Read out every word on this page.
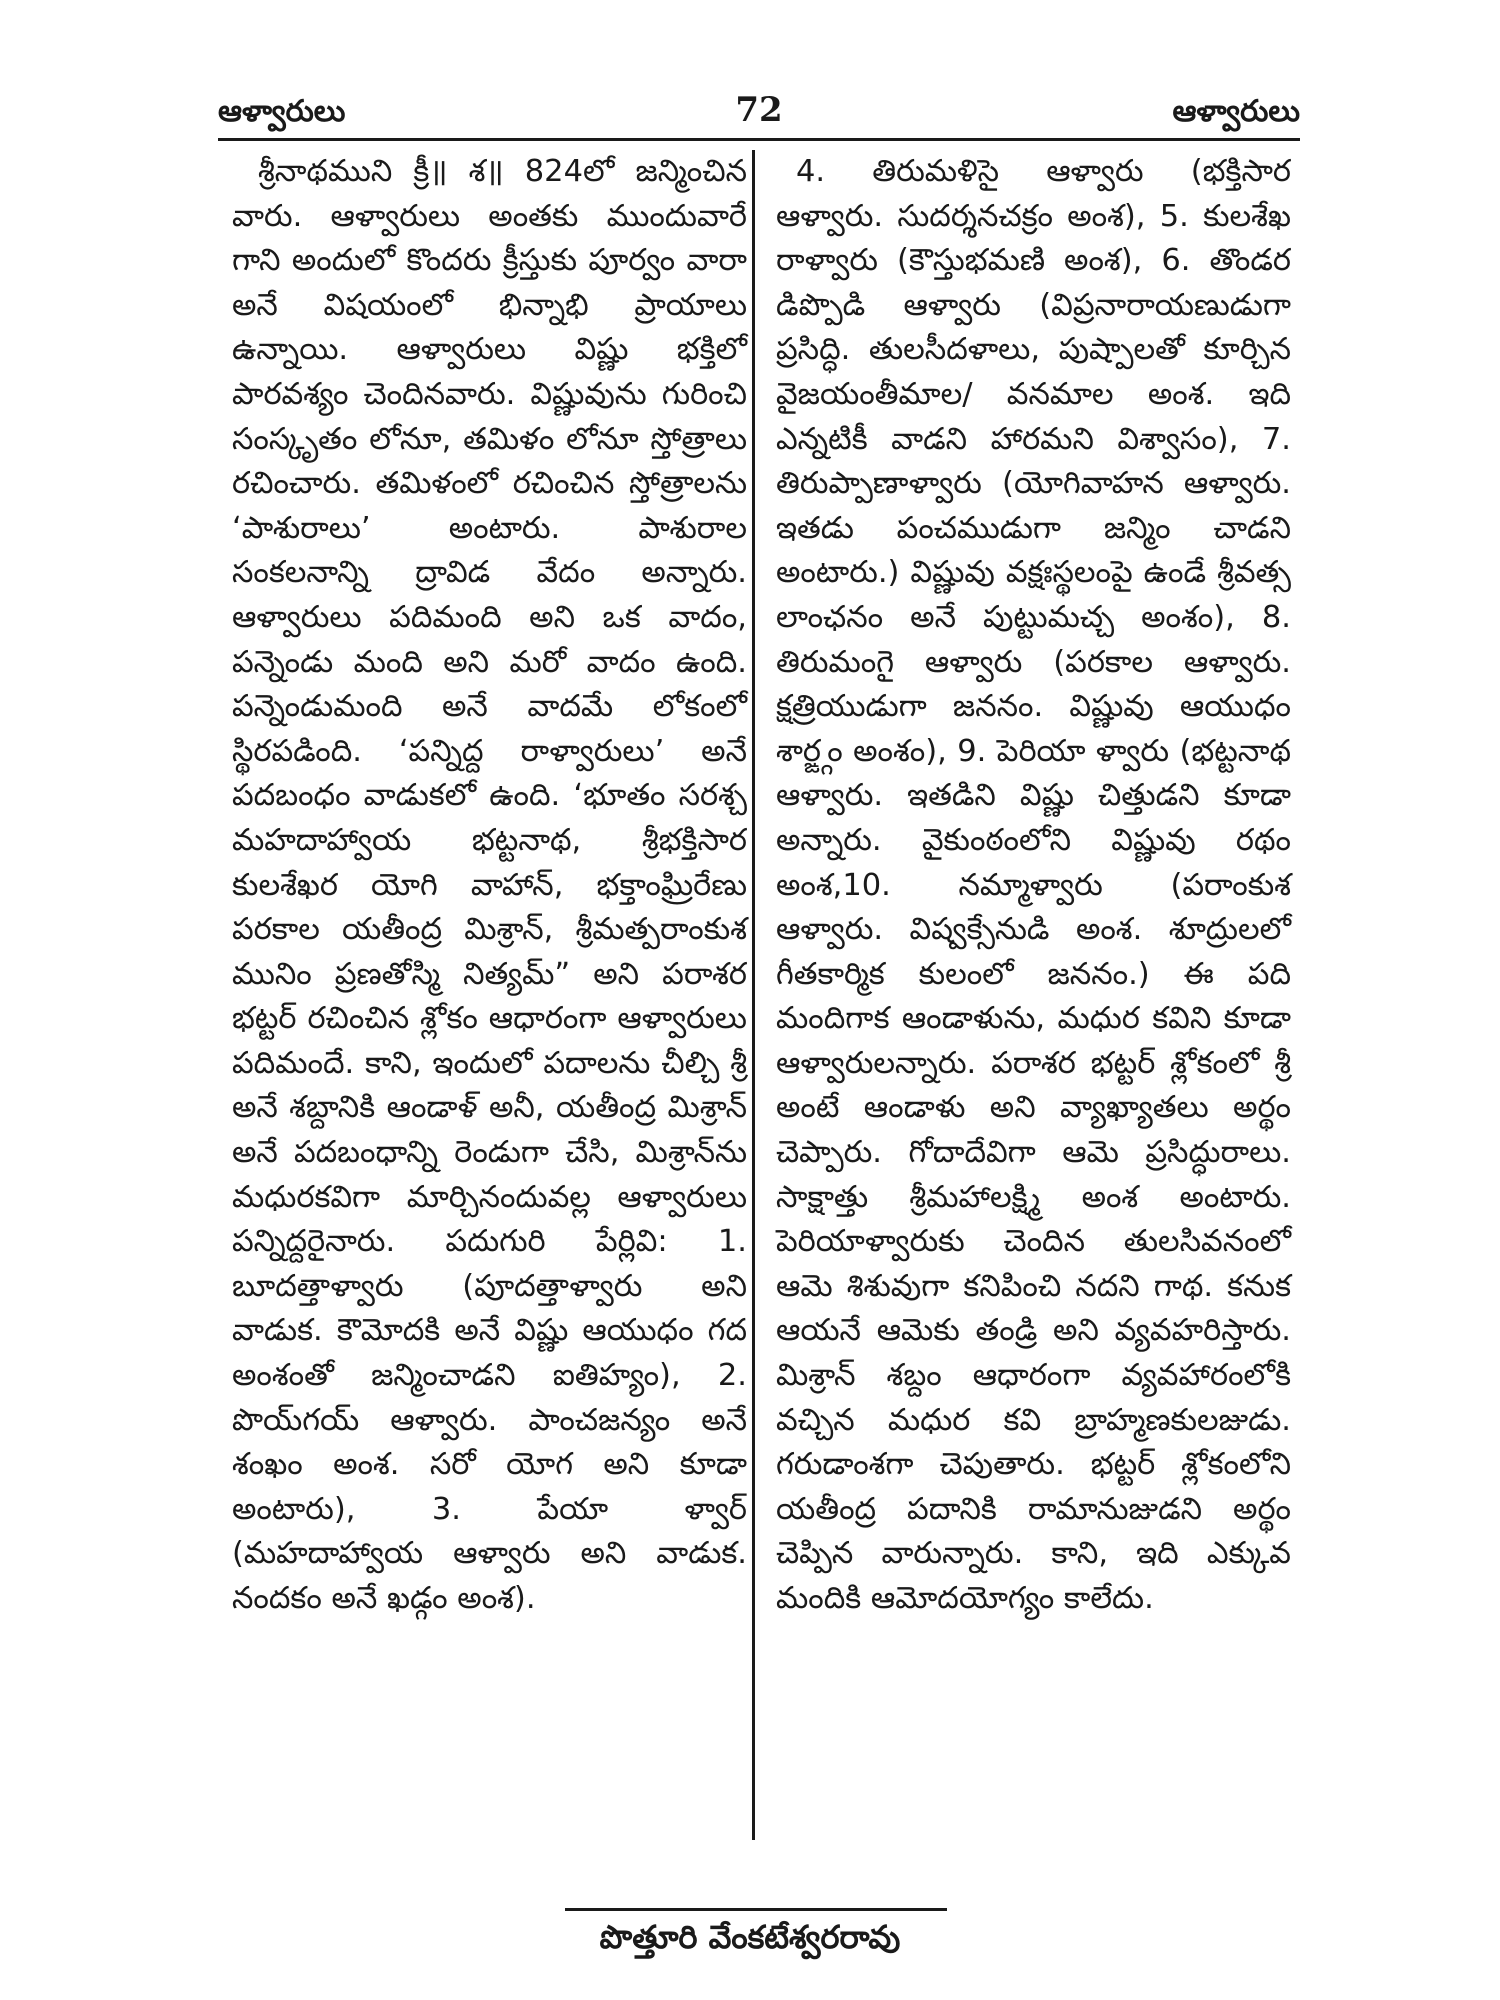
ఆళ్వారులు	72	ఆళ్వారులు

శ్రీనాథముని క్రీ॥ శ॥ 824లో జన్మించిన వారు. ఆళ్వారులు అంతకు ముందువారే గాని అందులో కొందరు క్రీస్తుకు పూర్వం వారా అనే విషయంలో భిన్నాభి ప్రాయాలు ఉన్నాయి. ఆళ్వారులు విష్ణు భక్తిలో పారవశ్యం చెందినవారు. విష్ణువును గురించి సంస్కృతం లోనూ, తమిళం లోనూ స్తోత్రాలు రచించారు. తమిళంలో రచించిన స్తోత్రాలను ‘పాశురాలు’ అంటారు. పాశురాల సంకలనాన్ని ద్రావిడ వేదం అన్నారు. ఆళ్వారులు పదిమంది అని ఒక వాదం, పన్నెండు మంది అని మరో వాదం ఉంది. పన్నెండుమంది అనే వాదమే లోకంలో స్థిరపడింది. ‘పన్నిద్ద రాళ్వారులు’ అనే పదబంధం వాడుకలో ఉంది. ‘భూతం సరశ్చ మహదాహ్వాయ భట్టనాథ, శ్రీభక్తిసార కులశేఖర యోగి వాహాన్, భక్తాంఘ్రిరేణు పరకాల యతీంద్ర మిశ్రాన్, శ్రీమత్పరాంకుశ మునిం ప్రణతోస్మి నిత్యమ్” అని పరాశర భట్టర్ రచించిన శ్లోకం ఆధారంగా ఆళ్వారులు పదిమందే. కాని, ఇందులో పదాలను చీల్చి శ్రీ అనే శబ్దానికి ఆండాళ్ అనీ, యతీంద్ర మిశ్రాన్ అనే పదబంధాన్ని రెండుగా చేసి, మిశ్రాన్‌ను మధురకవిగా మార్చినందువల్ల ఆళ్వారులు పన్నిద్దరైనారు. పదుగురి పేర్లివి: 1. బూదత్తాళ్వారు (పూదత్తాళ్వారు అని వాడుక. కౌమోదకి అనే విష్ణు ఆయుధం గద అంశంతో జన్మించాడని ఐతిహ్యం), 2. పొయ్‌గయ్ ఆళ్వారు. పాంచజన్యం అనే శంఖం అంశ. సరో యోగ అని కూడా అంటారు), 3. పేయా ళ్వార్ (మహదాహ్వాయ ఆళ్వారు అని వాడుక. నందకం అనే ఖడ్గం అంశ).

4. తిరుమళిసై ఆళ్వారు (భక్తిసార ఆళ్వారు. సుదర్శనచక్రం అంశ), 5. కులశేఖ రాళ్వారు (కౌస్తుభమణి అంశ), 6. తొండర డిప్పొడి ఆళ్వారు (విప్రనారాయణుడుగా ప్రసిద్ధి. తులసీదళాలు, పుష్పాలతో కూర్చిన వైజయంతీమాల/ వనమాల అంశ. ఇది ఎన్నటికీ వాడని హారమని విశ్వాసం), 7. తిరుప్పాణాళ్వారు (యోగివాహన ఆళ్వారు. ఇతడు పంచముడుగా జన్మిం చాడని అంటారు.) విష్ణువు వక్షఃస్థలంపై ఉండే శ్రీవత్స లాంఛనం అనే పుట్టుమచ్చ అంశం), 8. తిరుమంగై ఆళ్వారు (పరకాల ఆళ్వారు. క్షత్రియుడుగా జననం. విష్ణువు ఆయుధం శార్ఙ్గం అంశం), 9. పెరియా ళ్వారు (భట్టనాథ ఆళ్వారు. ఇతడిని విష్ణు చిత్తుడని కూడా అన్నారు. వైకుంఠంలోని విష్ణువు రథం అంశ,10. నమ్మాళ్వారు (పరాంకుశ ఆళ్వారు. విష్వక్సేనుడి అంశ. శూద్రులలో గీతకార్మిక కులంలో జననం.) ఈ పది మందిగాక ఆండాళును, మధుర కవిని కూడా ఆళ్వారులన్నారు. పరాశర భట్టర్ శ్లోకంలో శ్రీ అంటే ఆండాళు అని వ్యాఖ్యాతలు అర్థం చెప్పారు. గోదాదేవిగా ఆమె ప్రసిద్ధురాలు. సాక్షాత్తు శ్రీమహాలక్ష్మి అంశ అంటారు. పెరియాళ్వారుకు చెందిన తులసివనంలో ఆమె శిశువుగా కనిపించి నదని గాథ. కనుక ఆయనే ఆమెకు తండ్రి అని వ్యవహరిస్తారు. మిశ్రాన్ శబ్దం ఆధారంగా వ్యవహారంలోకి వచ్చిన మధుర కవి బ్రాహ్మణకులజుడు. గరుడాంశగా చెపుతారు. భట్టర్ శ్లోకంలోని యతీంద్ర పదానికి రామానుజుడని అర్థం చెప్పిన వారున్నారు. కాని, ఇది ఎక్కువ మందికి ఆమోదయోగ్యం కాలేదు.

పొత్తూరి వేంకటేశ్వరరావు
